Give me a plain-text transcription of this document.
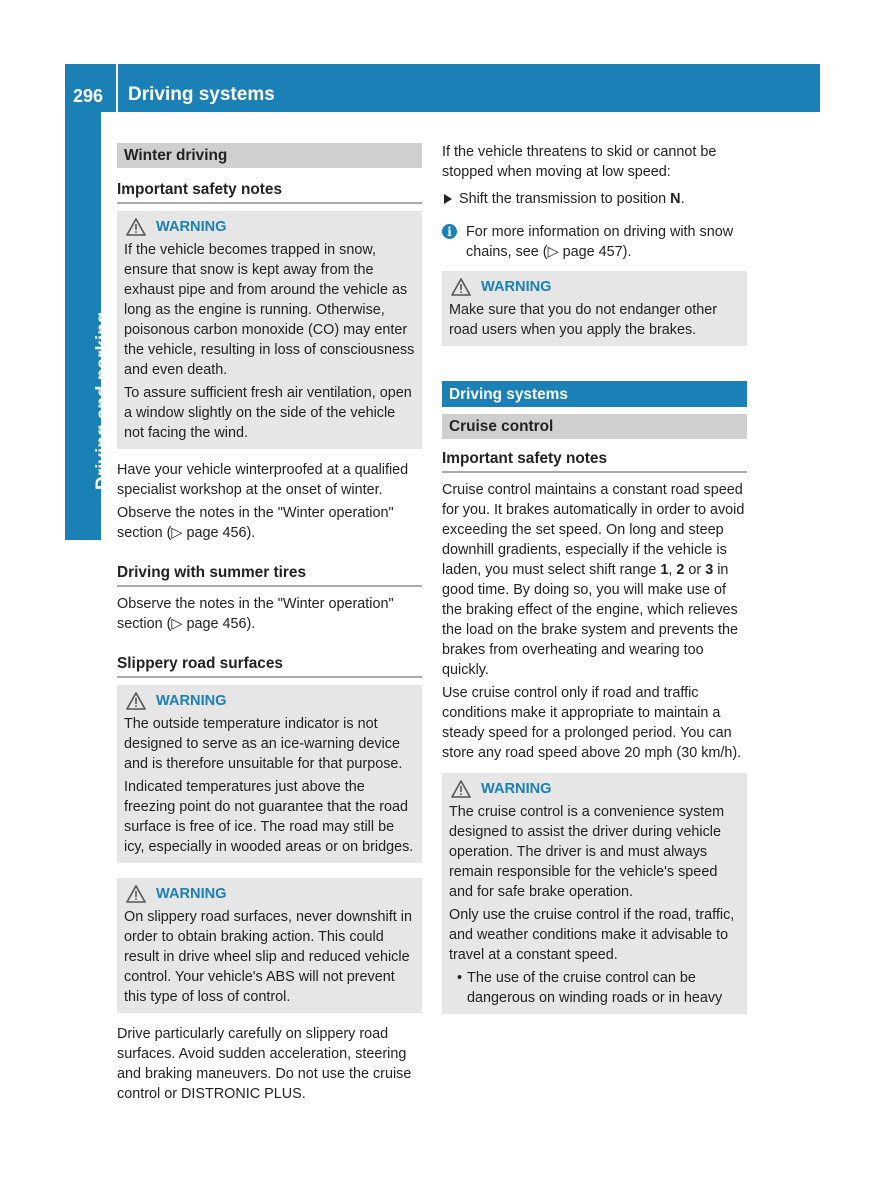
296 Driving systems
Driving and parking
Winter driving
Important safety notes
WARNING

If the vehicle becomes trapped in snow, ensure that snow is kept away from the exhaust pipe and from around the vehicle as long as the engine is running. Otherwise, poisonous carbon monoxide (CO) may enter the vehicle, resulting in loss of consciousness and even death.

To assure sufficient fresh air ventilation, open a window slightly on the side of the vehicle not facing the wind.

Have your vehicle winterproofed at a qualified specialist workshop at the onset of winter.

Observe the notes in the "Winter operation" section (▷ page 456).

Driving with summer tires

Observe the notes in the "Winter operation" section (▷ page 456).

Slippery road surfaces
WARNING

The outside temperature indicator is not designed to serve as an ice-warning device and is therefore unsuitable for that purpose.

Indicated temperatures just above the freezing point do not guarantee that the road surface is free of ice. The road may still be icy, especially in wooded areas or on bridges.

WARNING

On slippery road surfaces, never downshift in order to obtain braking action. This could result in drive wheel slip and reduced vehicle control. Your vehicle's ABS will not prevent this type of loss of control.

Drive particularly carefully on slippery road surfaces. Avoid sudden acceleration, steering and braking maneuvers. Do not use the cruise control or DISTRONIC PLUS.

If the vehicle threatens to skid or cannot be stopped when moving at low speed:

Shift the transmission to position N.
i For more information on driving with snow chains, see (▷ page 457).
WARNING

Make sure that you do not endanger other road users when you apply the brakes.

Driving systems
Cruise control
Important safety notes

Cruise control maintains a constant road speed for you. It brakes automatically in order to avoid exceeding the set speed. On long and steep downhill gradients, especially if the vehicle is laden, you must select shift range 1, 2 or 3 in good time. By doing so, you will make use of the braking effect of the engine, which relieves the load on the brake system and prevents the brakes from overheating and wearing too quickly.

Use cruise control only if road and traffic conditions make it appropriate to maintain a steady speed for a prolonged period. You can store any road speed above 20 mph (30 km/h).

WARNING

The cruise control is a convenience system designed to assist the driver during vehicle operation. The driver is and must always remain responsible for the vehicle's speed and for safe brake operation.

Only use the cruise control if the road, traffic, and weather conditions make it advisable to travel at a constant speed.

• The use of the cruise control can be dangerous on winding roads or in heavy
